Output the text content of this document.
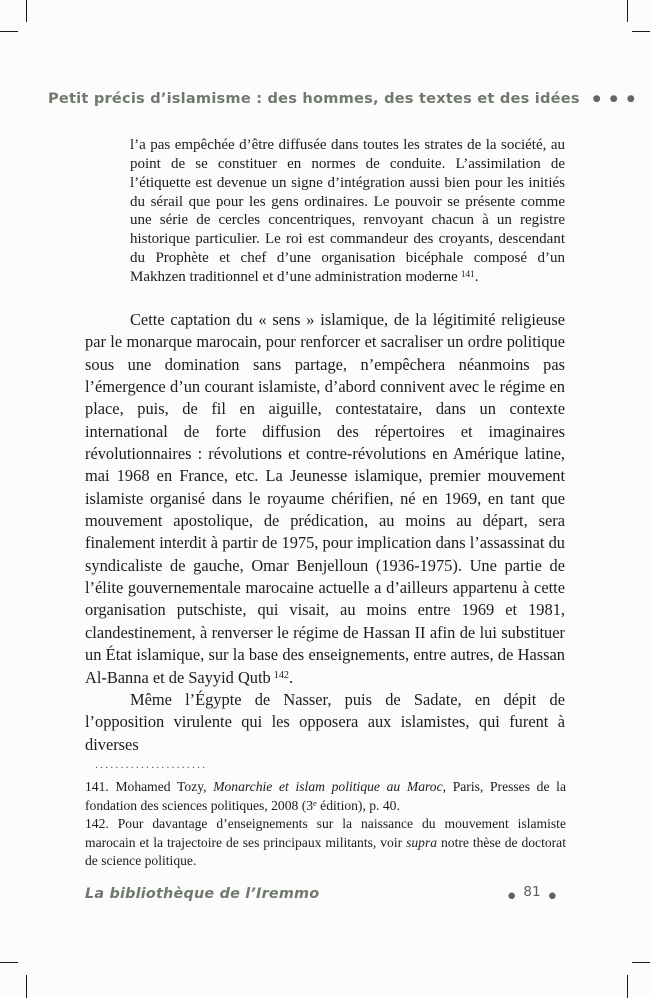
Petit précis d’islamisme : des hommes, des textes et des idées ● ● ●
l’a pas empêchée d’être diffusée dans toutes les strates de la société, au point de se constituer en normes de conduite. L’assimilation de l’étiquette est devenue un signe d’intégration aussi bien pour les initiés du sérail que pour les gens ordinaires. Le pouvoir se présente comme une série de cercles concentriques, renvoyant chacun à un registre historique particulier. Le roi est commandeur des croyants, descendant du Prophète et chef d’une organisation bicéphale composé d’un Makhzen traditionnel et d’une administration moderne $^{141}$.

Cette captation du « sens » islamique, de la légitimité religieuse par le monarque marocain, pour renforcer et sacraliser un ordre politique sous une domination sans partage, n’empêchera néanmoins pas l’émergence d’un courant islamiste, d’abord connivent avec le régime en place, puis, de fil en aiguille, contestataire, dans un contexte international de forte diffusion des répertoires et imaginaires révolutionnaires : révolutions et contre-révolutions en Amérique latine, mai 1968 en France, etc. La Jeunesse islamique, premier mouvement islamiste organisé dans le royaume chérifien, né en 1969, en tant que mouvement apostolique, de prédication, au moins au départ, sera finalement interdit à partir de 1975, pour implication dans l’assassinat du syndicaliste de gauche, Omar Benjelloun (1936-1975). Une partie de l’élite gouvernementale marocaine actuelle a d’ailleurs appartenu à cette organisation putschiste, qui visait, au moins entre 1969 et 1981, clandestinement, à renverser le régime de Hassan II afin de lui substituer un État islamique, sur la base des enseignements, entre autres, de Hassan Al-Banna et de Sayyid Qutb $^{142}$.

Même l’Égypte de Nasser, puis de Sadate, en dépit de l’opposition virulente qui les opposera aux islamistes, qui furent à diverses

......................

141. Mohamed Tozy, Monarchie et islam politique au Maroc, Paris, Presses de la fondation des sciences politiques, 2008 (3e édition), p. 40.

142. Pour davantage d’enseignements sur la naissance du mouvement islamiste marocain et la trajectoire de ses principaux militants, voir supra notre thèse de doctorat de science politique.

La bibliothèque de l’Iremmo	● 81 ●
